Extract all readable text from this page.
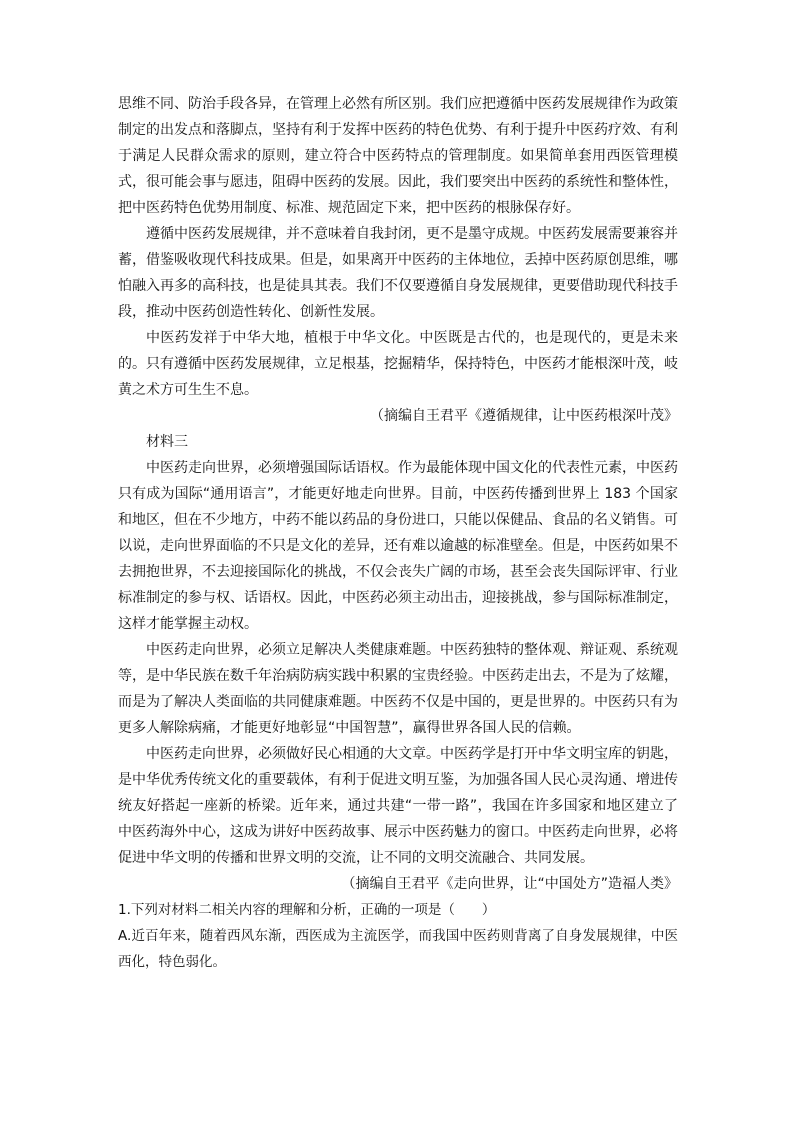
思维不同、防治手段各异，在管理上必然有所区别。我们应把遵循中医药发展规律作为政策制定的出发点和落脚点，坚持有利于发挥中医药的特色优势、有利于提升中医药疗效、有利于满足人民群众需求的原则，建立符合中医药特点的管理制度。如果简单套用西医管理模式，很可能会事与愿违，阻碍中医药的发展。因此，我们要突出中医药的系统性和整体性，把中医药特色优势用制度、标准、规范固定下来，把中医药的根脉保存好。

遵循中医药发展规律，并不意味着自我封闭，更不是墨守成规。中医药发展需要兼容并蓄，借鉴吸收现代科技成果。但是，如果离开中医药的主体地位，丢掉中医药原创思维，哪怕融入再多的高科技，也是徒具其表。我们不仅要遵循自身发展规律，更要借助现代科技手段，推动中医药创造性转化、创新性发展。

中医药发祥于中华大地，植根于中华文化。中医既是古代的，也是现代的，更是未来的。只有遵循中医药发展规律，立足根基，挖掘精华，保持特色，中医药才能根深叶茂，岐黄之术方可生生不息。

（摘编自王君平《遵循规律，让中医药根深叶茂》

材料三

中医药走向世界，必须增强国际话语权。作为最能体现中国文化的代表性元素，中医药只有成为国际“通用语言”，才能更好地走向世界。目前，中医药传播到世界上 183 个国家和地区，但在不少地方，中药不能以药品的身份进口，只能以保健品、食品的名义销售。可以说，走向世界面临的不只是文化的差异，还有难以逾越的标准壁垒。但是，中医药如果不去拥抱世界，不去迎接国际化的挑战，不仅会丧失广阔的市场，甚至会丧失国际评审、行业标准制定的参与权、话语权。因此，中医药必须主动出击，迎接挑战，参与国际标准制定，这样才能掌握主动权。

中医药走向世界，必须立足解决人类健康难题。中医药独特的整体观、辩证观、系统观等，是中华民族在数千年治病防病实践中积累的宝贵经验。中医药走出去，不是为了炫耀，而是为了解决人类面临的共同健康难题。中医药不仅是中国的，更是世界的。中医药只有为更多人解除病痛，才能更好地彰显“中国智慧”，赢得世界各国人民的信赖。

中医药走向世界，必须做好民心相通的大文章。中医药学是打开中华文明宝库的钥匙，是中华优秀传统文化的重要载体，有利于促进文明互鉴，为加强各国人民心灵沟通、增进传统友好搭起一座新的桥梁。近年来，通过共建“一带一路”，我国在许多国家和地区建立了中医药海外中心，这成为讲好中医药故事、展示中医药魅力的窗口。中医药走向世界，必将促进中华文明的传播和世界文明的交流，让不同的文明交流融合、共同发展。

（摘编自王君平《走向世界，让“中国处方”造福人类》

1.下列对材料二相关内容的理解和分析，正确的一项是（　　）

A.近百年来，随着西风东渐，西医成为主流医学，而我国中医药则背离了自身发展规律，中医西化，特色弱化。
